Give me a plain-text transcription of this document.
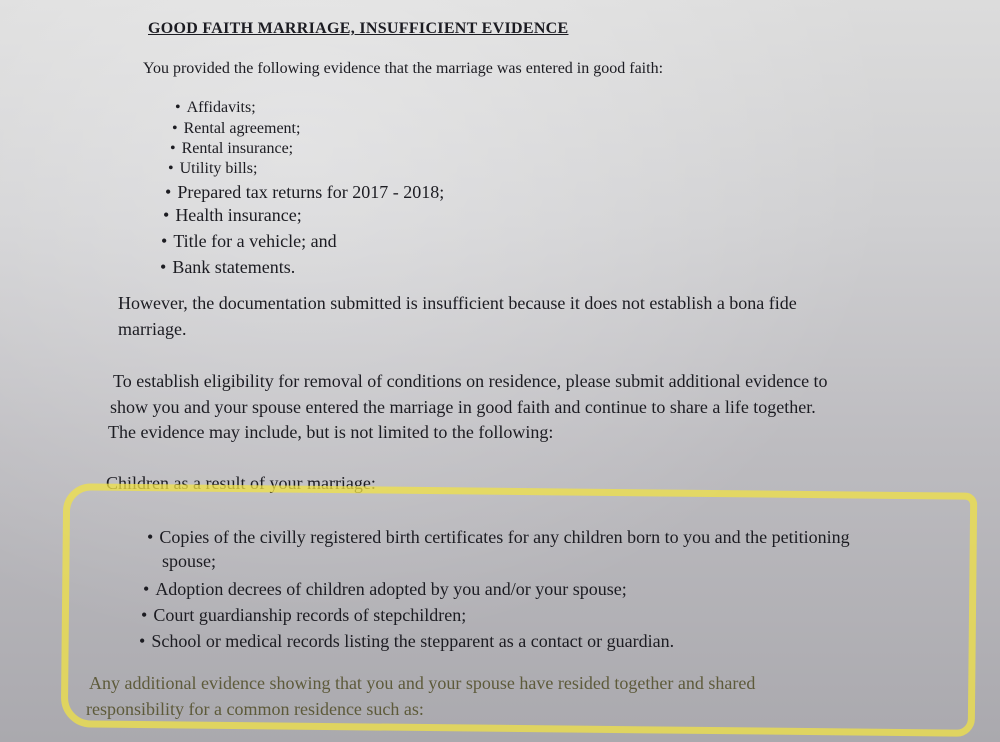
GOOD FAITH MARRIAGE, INSUFFICIENT EVIDENCE
You provided the following evidence that the marriage was entered in good faith:
• Affidavits;
• Rental agreement;
• Rental insurance;
• Utility bills;
• Prepared tax returns for 2017 - 2018;
• Health insurance;
• Title for a vehicle; and
• Bank statements.
However, the documentation submitted is insufficient because it does not establish a bona fide
marriage.
To establish eligibility for removal of conditions on residence, please submit additional evidence to
show you and your spouse entered the marriage in good faith and continue to share a life together.
The evidence may include, but is not limited to the following:
Children as a result of your marriage:
• Copies of the civilly registered birth certificates for any children born to you and the petitioning
spouse;
• Adoption decrees of children adopted by you and/or your spouse;
• Court guardianship records of stepchildren;
• School or medical records listing the stepparent as a contact or guardian.
Any additional evidence showing that you and your spouse have resided together and shared
responsibility for a common residence such as:
